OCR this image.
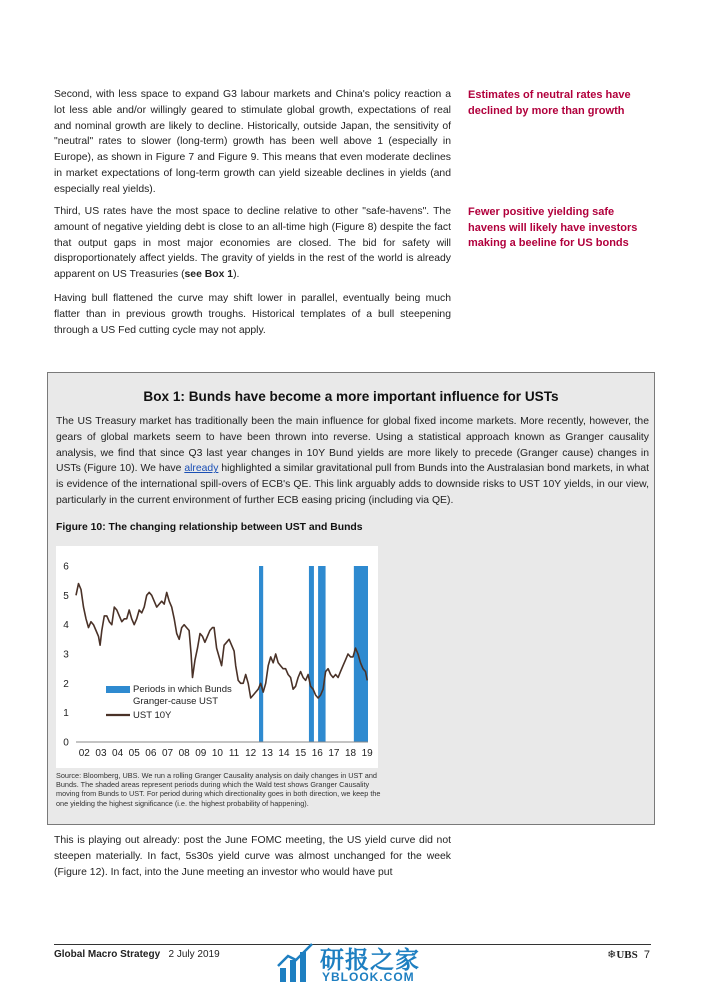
Second, with less space to expand G3 labour markets and China's policy reaction a lot less able and/or willingly geared to stimulate global growth, expectations of real and nominal growth are likely to decline. Historically, outside Japan, the sensitivity of "neutral" rates to slower (long-term) growth has been well above 1 (especially in Europe), as shown in Figure 7 and Figure 9. This means that even moderate declines in market expectations of long-term growth can yield sizeable declines in yields (and especially real yields).
Estimates of neutral rates have declined by more than growth
Third, US rates have the most space to decline relative to other "safe-havens". The amount of negative yielding debt is close to an all-time high (Figure 8) despite the fact that output gaps in most major economies are closed. The bid for safety will disproportionately affect yields. The gravity of yields in the rest of the world is already apparent on US Treasuries (see Box 1).
Fewer positive yielding safe havens will likely have investors making a beeline for US bonds
Having bull flattened the curve may shift lower in parallel, eventually being much flatter than in previous growth troughs. Historical templates of a bull steepening through a US Fed cutting cycle may not apply.
Box 1: Bunds have become a more important influence for USTs
The US Treasury market has traditionally been the main influence for global fixed income markets. More recently, however, the gears of global markets seem to have been thrown into reverse. Using a statistical approach known as Granger causality analysis, we find that since Q3 last year changes in 10Y Bund yields are more likely to precede (Granger cause) changes in USTs (Figure 10). We have already highlighted a similar gravitational pull from Bunds into the Australasian bond markets, in what is evidence of the international spill-overs of ECB's QE. This link arguably adds to downside risks to UST 10Y yields, in our view, particularly in the current environment of further ECB easing pricing (including via QE).
Figure 10: The changing relationship between UST and Bunds
0
1
2
3
4
5
6
02 03 04 05 06 07 08 09 10 11 12 13 14 15 16 17 18 19
Periods in which Bunds
Granger-cause UST
UST 10Y
Source: Bloomberg, UBS. We run a rolling Granger Causality analysis on daily changes in UST and Bunds. The shaded areas represent periods during which the Wald test shows Granger Causality moving from Bunds to UST. For period during which directionality goes in both direction, we keep the one yielding the highest significance (i.e. the highest probability of happening).
This is playing out already: post the June FOMC meeting, the US yield curve did not steepen materially. In fact, 5s30s yield curve was almost unchanged for the week (Figure 12). In fact, into the June meeting an investor who would have put
Global Macro Strategy 2 July 2019	研报之家
YBLOOK.COM
❄UBS 7
